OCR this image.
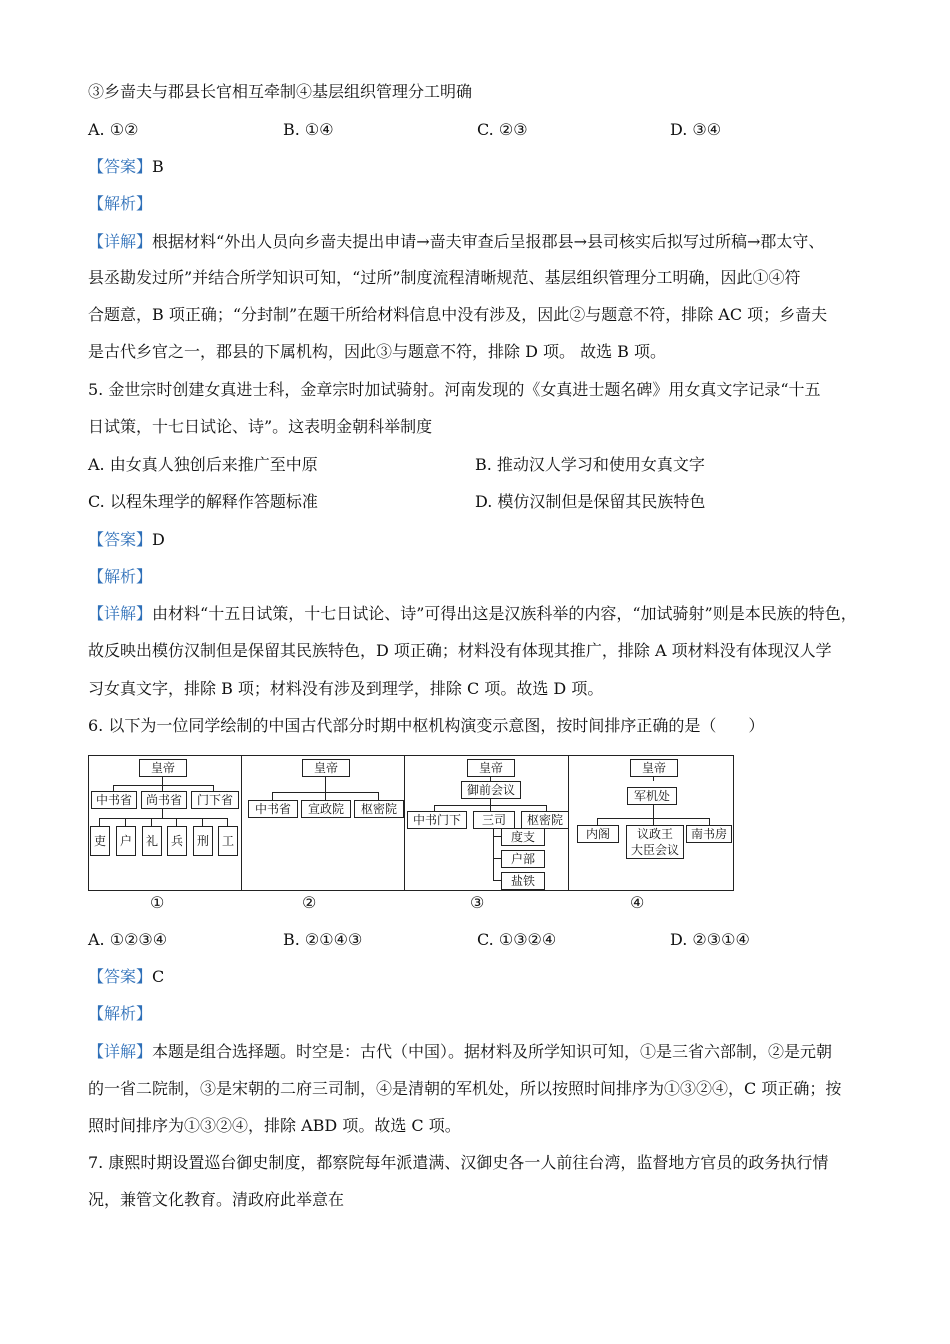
③乡啬夫与郡县长官相互牵制④基层组织管理分工明确
A. ①②	B. ①④	C. ②③	D. ③④
【答案】B
【解析】
【详解】根据材料“外出人员向乡啬夫提出申请→啬夫审查后呈报郡县→县司核实后拟写过所稿→郡太守、
县丞勘发过所”并结合所学知识可知，“过所”制度流程清晰规范、基层组织管理分工明确，因此①④符
合题意，B 项正确；“分封制”在题干所给材料信息中没有涉及，因此②与题意不符，排除 AC 项；乡啬夫
是古代乡官之一，郡县的下属机构，因此③与题意不符，排除 D 项。 故选 B 项。
5. 金世宗时创建女真进士科，金章宗时加试骑射。河南发现的《女真进士题名碑》用女真文字记录“十五
日试策，十七日试论、诗”。这表明金朝科举制度
A. 由女真人独创后来推广至中原	B. 推动汉人学习和使用女真文字
C. 以程朱理学的解释作答题标准	D. 模仿汉制但是保留其民族特色
【答案】D
【解析】
【详解】由材料“十五日试策，十七日试论、诗”可得出这是汉族科举的内容，“加试骑射”则是本民族的特色，
故反映出模仿汉制但是保留其民族特色，D 项正确；材料没有体现其推广，排除 A 项材料没有体现汉人学
习女真文字，排除 B 项；材料没有涉及到理学，排除 C 项。故选 D 项。
6. 以下为一位同学绘制的中国古代部分时期中枢机构演变示意图，按时间排序正确的是（　　）
皇帝
中书省	尚书省	门下省
吏	户	礼	兵	刑	工
皇帝
中书省	宣政院	枢密院
皇帝
御前会议
中书门下	三司	枢密院
度支
户部
盐铁
皇帝
军机处
内阁	议政王
大臣会议
南书房
①	②	③	④
A. ①②③④	B. ②①④③	C. ①③②④	D. ②③①④
【答案】C
【解析】
【详解】本题是组合选择题。时空是：古代（中国）。据材料及所学知识可知，①是三省六部制，②是元朝
的一省二院制，③是宋朝的二府三司制，④是清朝的军机处，所以按照时间排序为①③②④，C 项正确；按
照时间排序为①③②④，排除 ABD 项。故选 C 项。
7. 康熙时期设置巡台御史制度，都察院每年派遣满、汉御史各一人前往台湾，监督地方官员的政务执行情
况，兼管文化教育。清政府此举意在
